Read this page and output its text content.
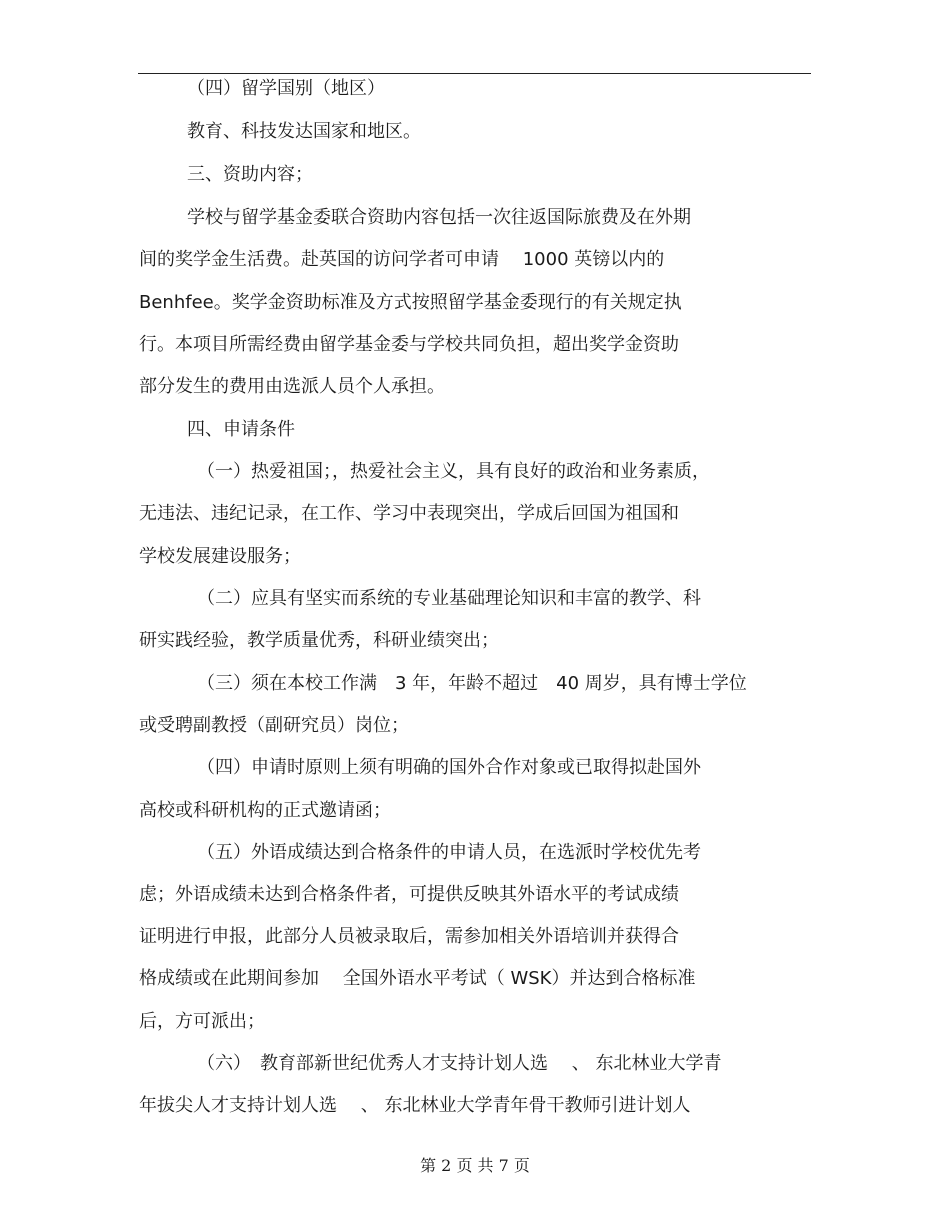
（四）留学国别（地区）
教育、科技发达国家和地区。
三、资助内容；
学校与留学基金委联合资助内容包括一次往返国际旅费及在外期
间的奖学金生活费。赴英国的访问学者可申请　 1000 英镑以内的
Benhfee。奖学金资助标准及方式按照留学基金委现行的有关规定执
行。本项目所需经费由留学基金委与学校共同负担，超出奖学金资助
部分发生的费用由选派人员个人承担。
四、申请条件
（一）热爱祖国；，热爱社会主义，具有良好的政治和业务素质，
无违法、违纪记录，在工作、学习中表现突出，学成后回国为祖国和
学校发展建设服务；
（二）应具有坚实而系统的专业基础理论知识和丰富的教学、科
研实践经验，教学质量优秀，科研业绩突出；
（三）须在本校工作满　3 年，年龄不超过　40 周岁，具有博士学位
或受聘副教授（副研究员）岗位；
（四）申请时原则上须有明确的国外合作对象或已取得拟赴国外
高校或科研机构的正式邀请函；
（五）外语成绩达到合格条件的申请人员，在选派时学校优先考
虑；外语成绩未达到合格条件者，可提供反映其外语水平的考试成绩
证明进行申报，此部分人员被录取后，需参加相关外语培训并获得合
格成绩或在此期间参加　 全国外语水平考试（ WSK）并达到合格标准
后，方可派出；
（六）　教育部新世纪优秀人才支持计划人选　 、 东北林业大学青
年拔尖人才支持计划人选　 、 东北林业大学青年骨干教师引进计划人
第 2 页 共 7 页
